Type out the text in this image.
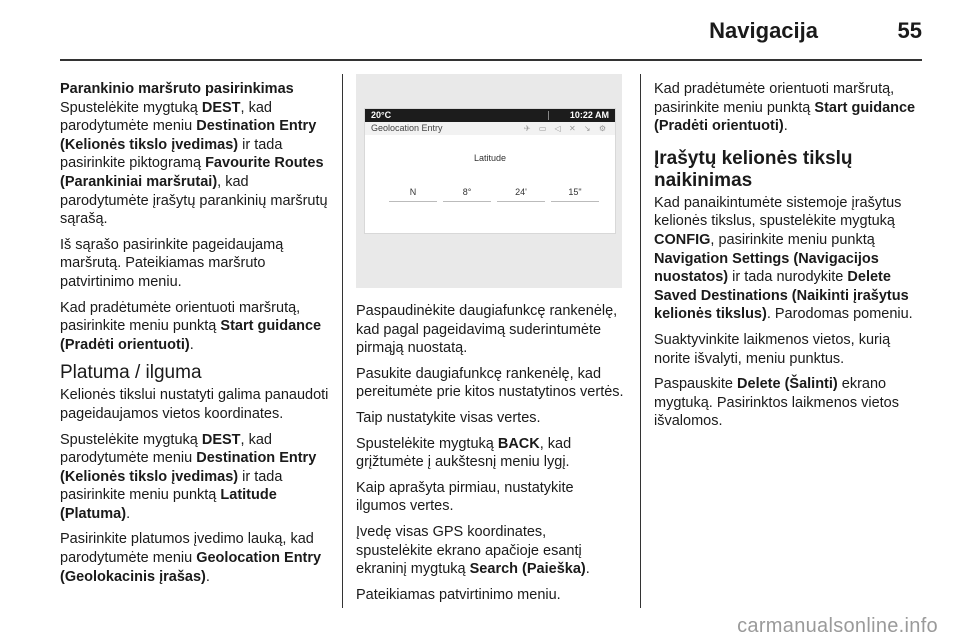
Navigacija	55

Parankinio maršruto pasirinkimas

Spustelėkite mygtuką DEST, kad parodytumėte meniu Destination Entry (Kelionės tikslo įvedimas) ir tada pasirinkite piktogramą Favourite Routes (Parankiniai maršrutai), kad parodytumėte įrašytų parankinių maršrutų sąrašą.

Iš sąrašo pasirinkite pageidaujamą maršrutą. Pateikiamas maršruto patvirtinimo meniu.

Kad pradėtumėte orientuoti maršrutą, pasirinkite meniu punktą Start guidance (Pradėti orientuoti).

Platuma / ilguma

Kelionės tikslui nustatyti galima panaudoti pageidaujamos vietos koordinates.

Spustelėkite mygtuką DEST, kad parodytumėte meniu Destination Entry (Kelionės tikslo įvedimas) ir tada pasirinkite meniu punktą Latitude (Platuma).

Pasirinkite platumos įvedimo lauką, kad parodytumėte meniu Geolocation Entry (Geolokacinis įrašas).

20°C	10:22 AM
Geolocation Entry	✈ ▭ ◁ ✕ ↘ ⚙
Latitude
N	8°	24'	15"

Paspaudinėkite daugiafunkcę rankenėlę, kad pagal pageidavimą suderintumėte pirmąją nuostatą.

Pasukite daugiafunkcę rankenėlę, kad pereitumėte prie kitos nustatytinos vertės.

Taip nustatykite visas vertes.

Spustelėkite mygtuką BACK, kad grįžtumėte į aukštesnį meniu lygį.

Kaip aprašyta pirmiau, nustatykite ilgumos vertes.

Įvedę visas GPS koordinates, spustelėkite ekrano apačioje esantį ekraninį mygtuką Search (Paieška).

Pateikiamas patvirtinimo meniu.

Kad pradėtumėte orientuoti maršrutą, pasirinkite meniu punktą Start guidance (Pradėti orientuoti).

Įrašytų kelionės tikslų naikinimas

Kad panaikintumėte sistemoje įrašytus kelionės tikslus, spustelėkite mygtuką CONFIG, pasirinkite meniu punktą Navigation Settings (Navigacijos nuostatos) ir tada nurodykite Delete Saved Destinations (Naikinti įrašytus kelionės tikslus). Parodomas pomeniu.

Suaktyvinkite laikmenos vietos, kurią norite išvalyti, meniu punktus.

Paspauskite Delete (Šalinti) ekrano mygtuką. Pasirinktos laikmenos vietos išvalomos.

carmanualsonline.info
